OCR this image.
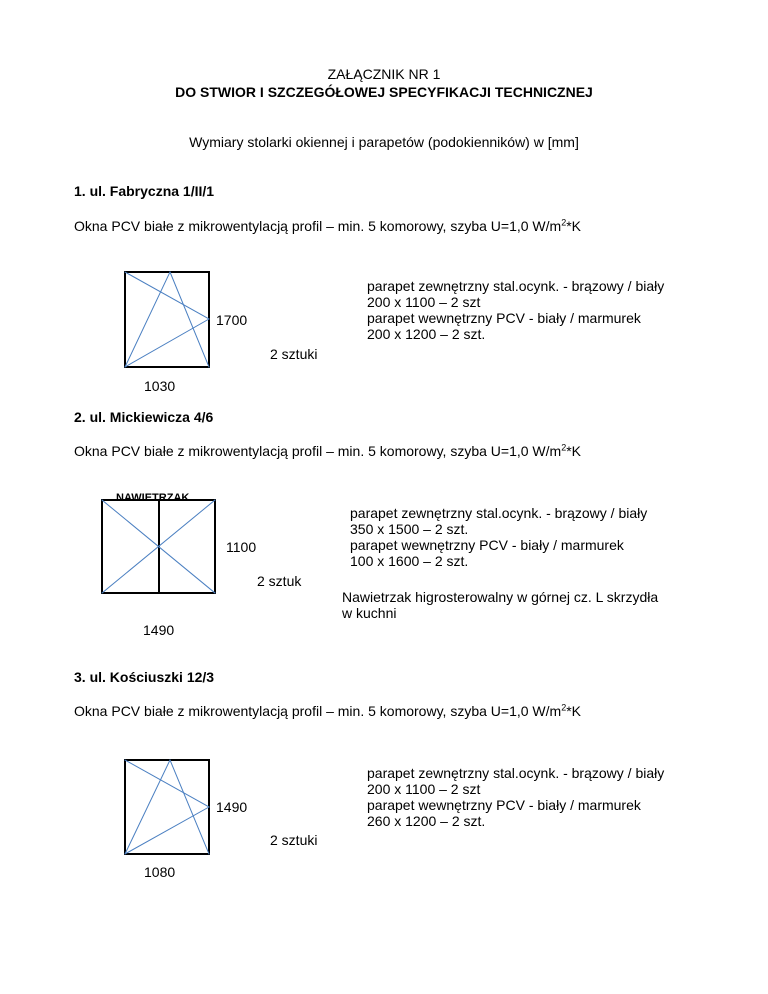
ZAŁĄCZNIK NR 1
DO STWIOR I SZCZEGÓŁOWEJ SPECYFIKACJI TECHNICZNEJ
Wymiary stolarki okiennej i parapetów (podokienników) w [mm]
1. ul. Fabryczna 1/II/1
Okna PCV białe z mikrowentylacją profil – min. 5 komorowy, szyba U=1,0 $W/m^2*K$
1700
2 sztuki
1030

parapet zewnętrzny stal.ocynk. - brązowy / biały

200 x 1100 – 2 szt

parapet wewnętrzny PCV - biały / marmurek

200 x 1200 – 2 szt.

2. ul. Mickiewicza 4/6
Okna PCV białe z mikrowentylacją profil – min. 5 komorowy, szyba U=1,0 $W/m^2*K$
NAWIETRZAK
1100
2 sztuk
1490

parapet zewnętrzny stal.ocynk. - brązowy / biały

350 x 1500 – 2 szt.

parapet wewnętrzny PCV - biały / marmurek

100 x 1600 – 2 szt.

Nawietrzak higrosterowalny w górnej cz. L skrzydła

w kuchni

3. ul. Kościuszki 12/3
Okna PCV białe z mikrowentylacją profil – min. 5 komorowy, szyba U=1,0 $W/m^2*K$
1490
2 sztuki
1080

parapet zewnętrzny stal.ocynk. - brązowy / biały

200 x 1100 – 2 szt

parapet wewnętrzny PCV - biały / marmurek

260 x 1200 – 2 szt.
